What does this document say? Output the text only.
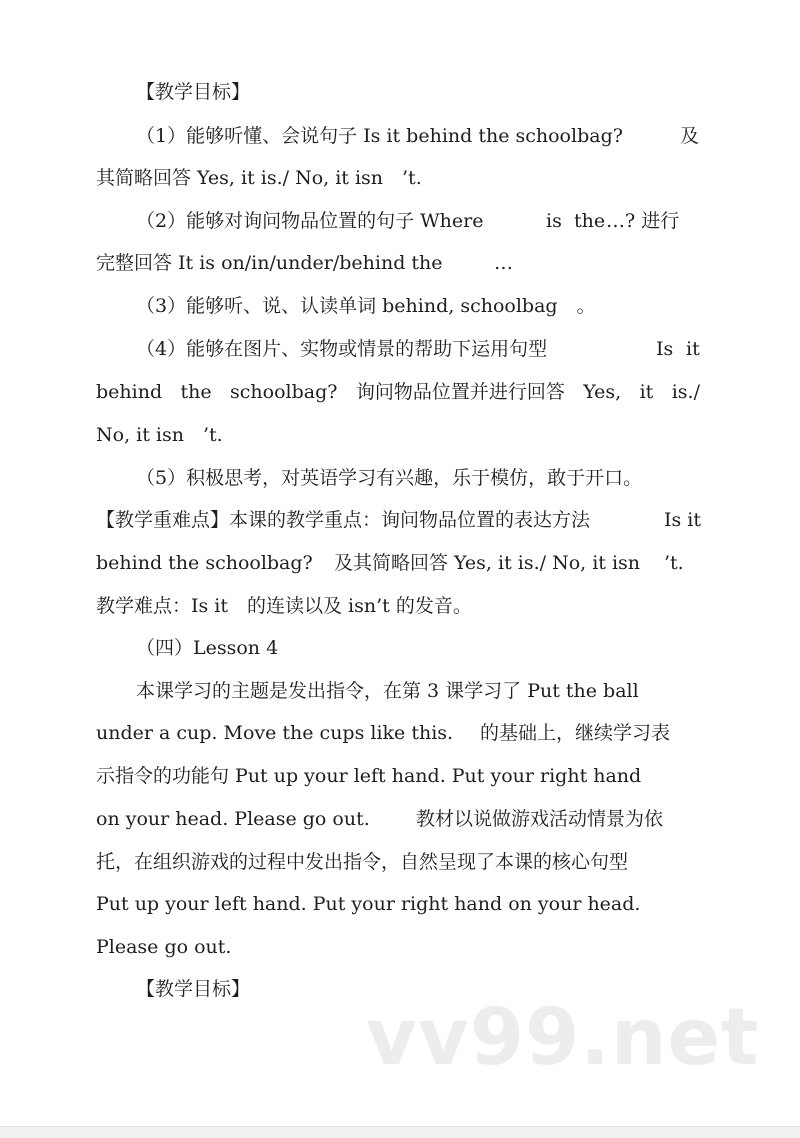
【教学目标】
（1）能够听懂、会说句子 Is it behind the schoolbag?	及
其简略回答 Yes, it is./ No, it isn　’t.
（2）能够对询问物品位置的句子 Where	is the …? 进行
完整回答 It is on/in/under/behind the	…
（3）能够听、说、认读单词 behind, schoolbag　。
（4）能够在图片、实物或情景的帮助下运用句型	Is it
behind the schoolbag? 询问物品位置并进行回答 Yes, it is./
No, it isn　’t.
（5）积极思考，对英语学习有兴趣，乐于模仿，敢于开口。
【教学重难点】本课的教学重点：询问物品位置的表达方法	Is it
behind the schoolbag? 及其简略回答 Yes, it is./ No, it isn ’t.
教学难点：Is it　的连读以及 isn’t 的发音。
（四）Lesson 4
本课学习的主题是发出指令，在第 3 课学习了 Put the ball
under a cup. Move the cups like this. 的基础上，继续学习表
示指令的功能句 Put up your left hand. Put your right hand
on your head. Please go out. 教材以说做游戏活动情景为依
托，在组织游戏的过程中发出指令，自然呈现了本课的核心句型
Put up your left hand. Put your right hand on your head.
Please go out.
【教学目标】
vv99.net
